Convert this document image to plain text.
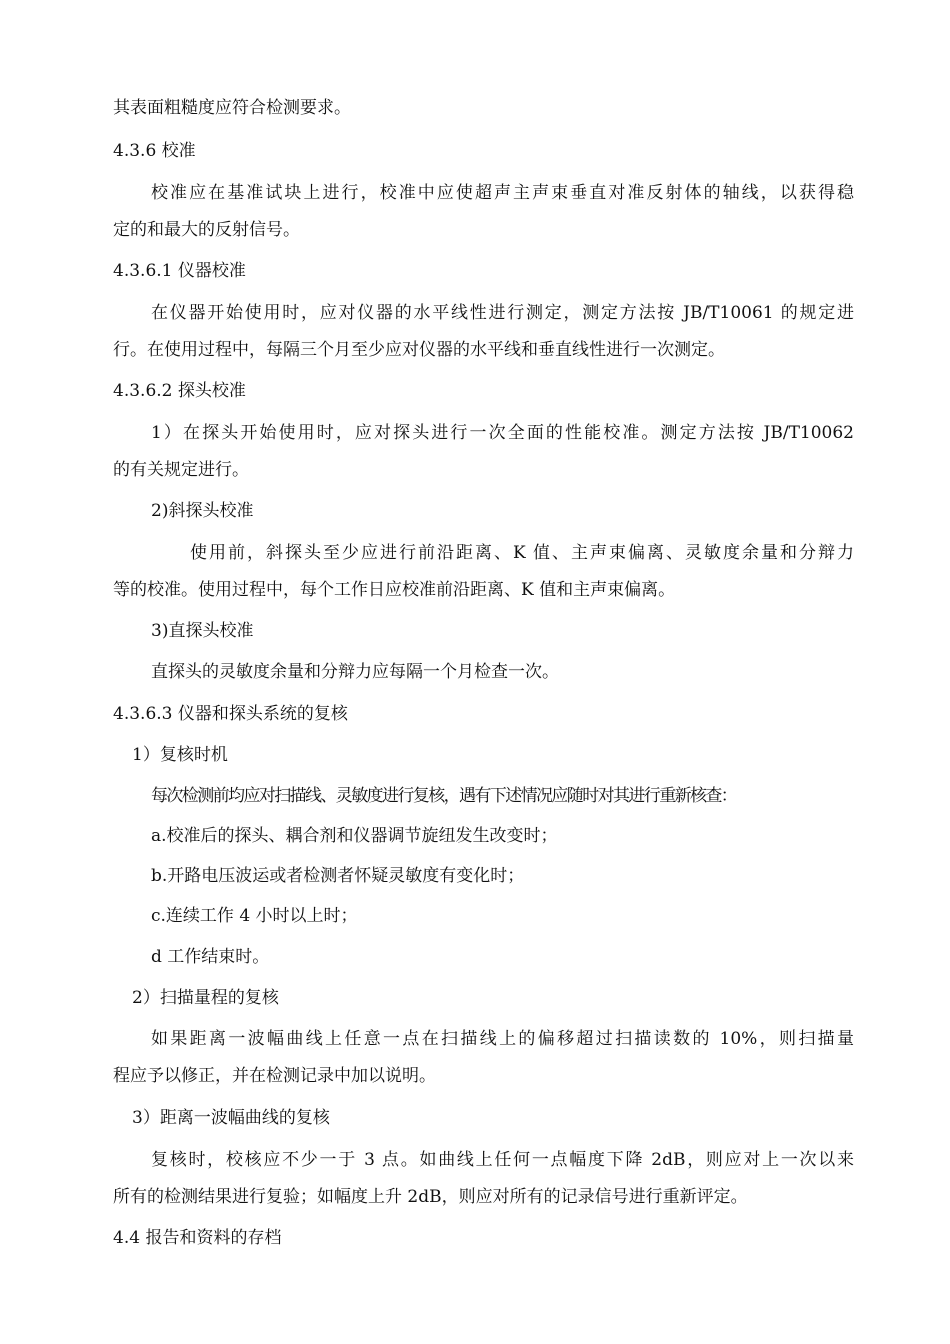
其表面粗糙度应符合检测要求。
4.3.6 校准
校准应在基准试块上进行，校准中应使超声主声束垂直对准反射体的轴线，以获得稳
定的和最大的反射信号。
4.3.6.1 仪器校准
在仪器开始使用时，应对仪器的水平线性进行测定，测定方法按 JB/T10061 的规定进
行。在使用过程中，每隔三个月至少应对仪器的水平线和垂直线性进行一次测定。
4.3.6.2 探头校准
1）在探头开始使用时，应对探头进行一次全面的性能校准。测定方法按 JB/T10062
的有关规定进行。
2)斜探头校准
使用前，斜探头至少应进行前沿距离、K 值、主声束偏离、灵敏度余量和分辩力
等的校准。使用过程中，每个工作日应校准前沿距离、K 值和主声束偏离。
3)直探头校准
直探头的灵敏度余量和分辩力应每隔一个月检查一次。
4.3.6.3 仪器和探头系统的复核
1）复核时机
每次检测前均应对扫描线、灵敏度进行复核，遇有下述情况应随时对其进行重新核查：
a.校准后的探头、耦合剂和仪器调节旋纽发生改变时；
b.开路电压波运或者检测者怀疑灵敏度有变化时；
c.连续工作 4 小时以上时；
d 工作结束时。
2）扫描量程的复核
如果距离一波幅曲线上任意一点在扫描线上的偏移超过扫描读数的 10%，则扫描量
程应予以修正，并在检测记录中加以说明。
3）距离一波幅曲线的复核
复核时，校核应不少一于 3 点。如曲线上任何一点幅度下降 2dB，则应对上一次以来
所有的检测结果进行复验；如幅度上升 2dB，则应对所有的记录信号进行重新评定。
4.4 报告和资料的存档
